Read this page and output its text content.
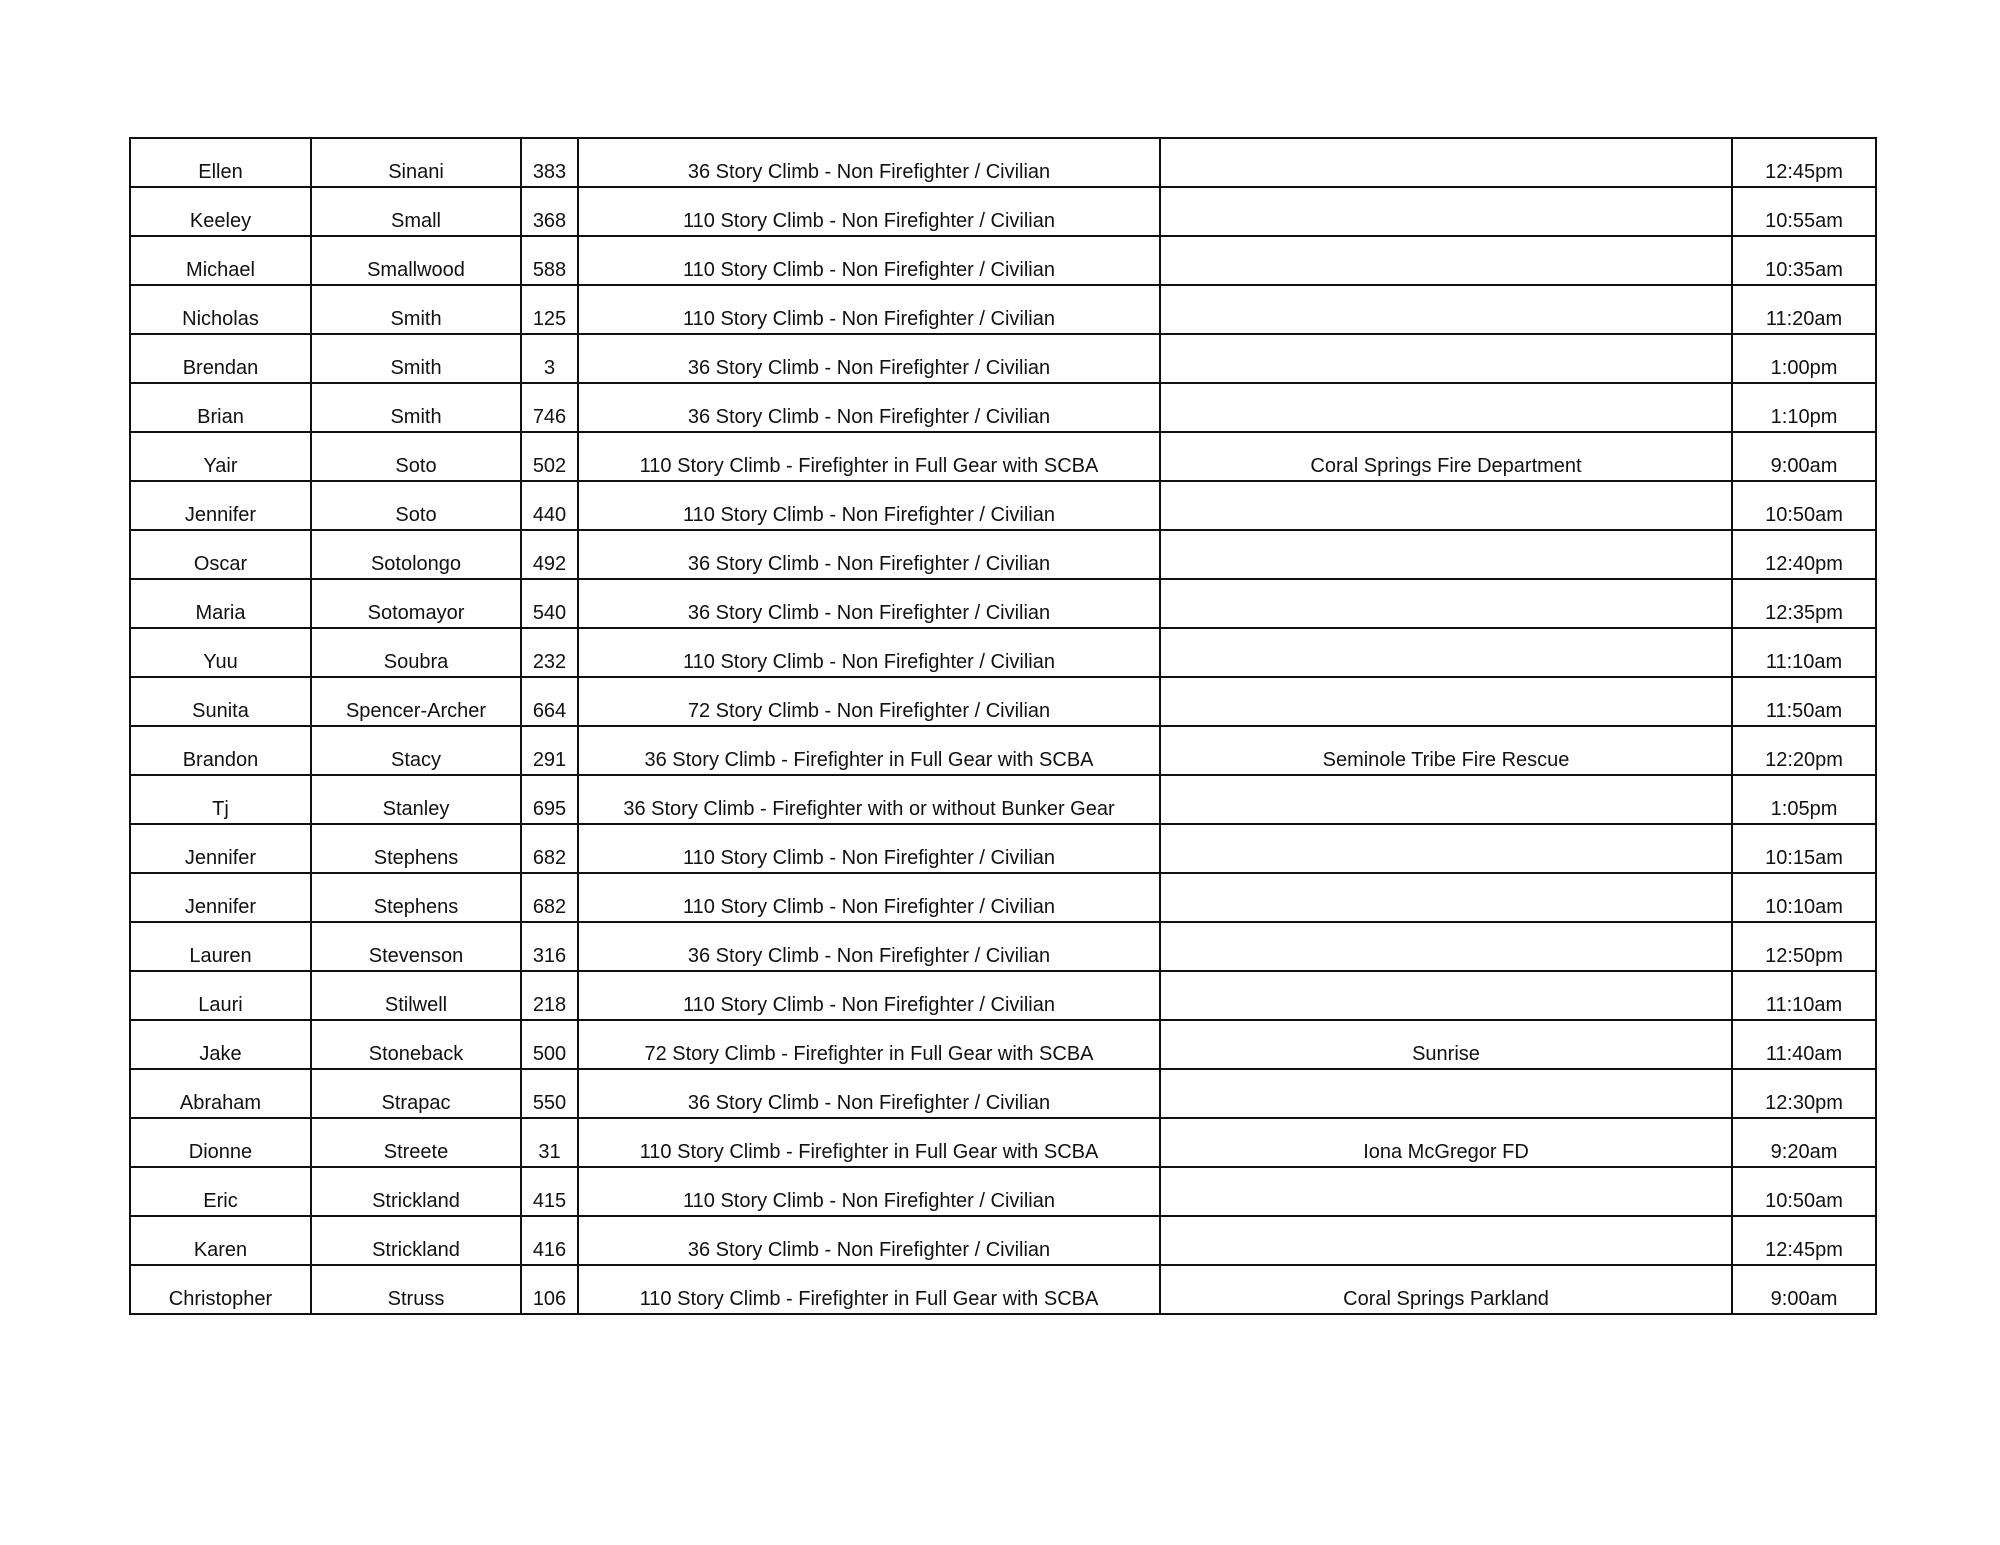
Ellen	Sinani	383	36 Story Climb - Non Firefighter / Civilian		12:45pm
Keeley	Small	368	110 Story Climb - Non Firefighter / Civilian		10:55am
Michael	Smallwood	588	110 Story Climb - Non Firefighter / Civilian		10:35am
Nicholas	Smith	125	110 Story Climb - Non Firefighter / Civilian		11:20am
Brendan	Smith	3	36 Story Climb - Non Firefighter / Civilian		1:00pm
Brian	Smith	746	36 Story Climb - Non Firefighter / Civilian		1:10pm
Yair	Soto	502	110 Story Climb - Firefighter in Full Gear with SCBA	Coral Springs Fire Department	9:00am
Jennifer	Soto	440	110 Story Climb - Non Firefighter / Civilian		10:50am
Oscar	Sotolongo	492	36 Story Climb - Non Firefighter / Civilian		12:40pm
Maria	Sotomayor	540	36 Story Climb - Non Firefighter / Civilian		12:35pm
Yuu	Soubra	232	110 Story Climb - Non Firefighter / Civilian		11:10am
Sunita	Spencer-Archer	664	72 Story Climb - Non Firefighter / Civilian		11:50am
Brandon	Stacy	291	36 Story Climb - Firefighter in Full Gear with SCBA	Seminole Tribe Fire Rescue	12:20pm
Tj	Stanley	695	36 Story Climb - Firefighter with or without Bunker Gear		1:05pm
Jennifer	Stephens	682	110 Story Climb - Non Firefighter / Civilian		10:15am
Jennifer	Stephens	682	110 Story Climb - Non Firefighter / Civilian		10:10am
Lauren	Stevenson	316	36 Story Climb - Non Firefighter / Civilian		12:50pm
Lauri	Stilwell	218	110 Story Climb - Non Firefighter / Civilian		11:10am
Jake	Stoneback	500	72 Story Climb - Firefighter in Full Gear with SCBA	Sunrise	11:40am
Abraham	Strapac	550	36 Story Climb - Non Firefighter / Civilian		12:30pm
Dionne	Streete	31	110 Story Climb - Firefighter in Full Gear with SCBA	Iona McGregor FD	9:20am
Eric	Strickland	415	110 Story Climb - Non Firefighter / Civilian		10:50am
Karen	Strickland	416	36 Story Climb - Non Firefighter / Civilian		12:45pm
Christopher	Struss	106	110 Story Climb - Firefighter in Full Gear with SCBA	Coral Springs Parkland	9:00am
